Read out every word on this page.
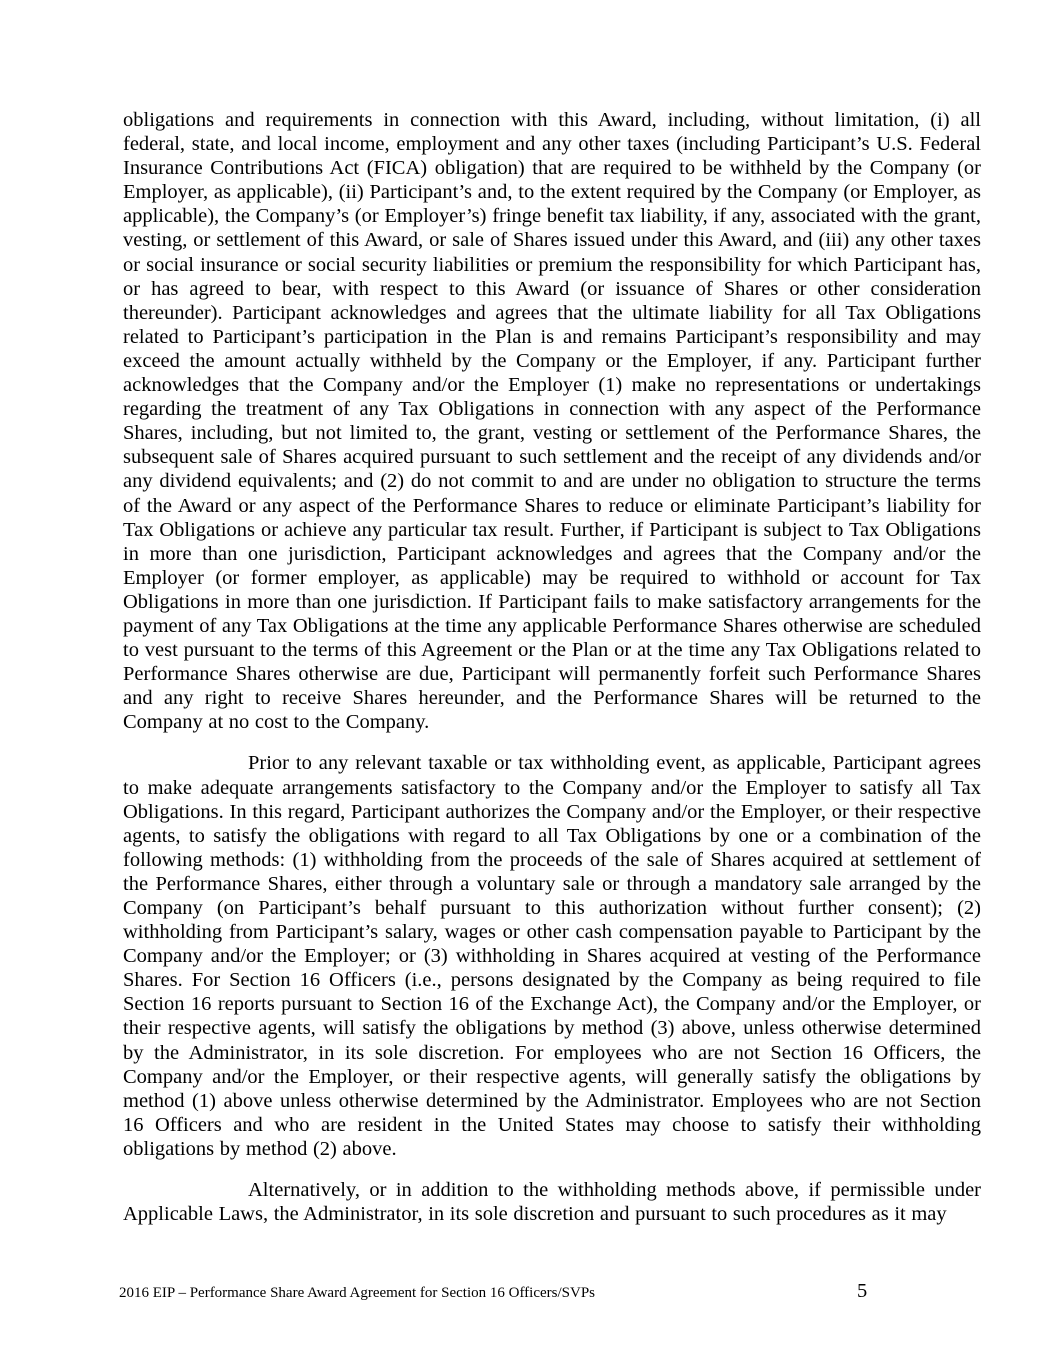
obligations and requirements in connection with this Award, including, without limitation, (i) all federal, state, and local income, employment and any other taxes (including Participant’s U.S. Federal Insurance Contributions Act (FICA) obligation) that are required to be withheld by the Company (or Employer, as applicable), (ii) Participant’s and, to the extent required by the Company (or Employer, as applicable), the Company’s (or Employer’s) fringe benefit tax liability, if any, associated with the grant, vesting, or settlement of this Award, or sale of Shares issued under this Award, and (iii) any other taxes or social insurance or social security liabilities or premium the responsibility for which Participant has, or has agreed to bear, with respect to this Award (or issuance of Shares or other consideration thereunder). Participant acknowledges and agrees that the ultimate liability for all Tax Obligations related to Participant’s participation in the Plan is and remains Participant’s responsibility and may exceed the amount actually withheld by the Company or the Employer, if any. Participant further acknowledges that the Company and/or the Employer (1) make no representations or undertakings regarding the treatment of any Tax Obligations in connection with any aspect of the Performance Shares, including, but not limited to, the grant, vesting or settlement of the Performance Shares, the subsequent sale of Shares acquired pursuant to such settlement and the receipt of any dividends and/or any dividend equivalents; and (2) do not commit to and are under no obligation to structure the terms of the Award or any aspect of the Performance Shares to reduce or eliminate Participant’s liability for Tax Obligations or achieve any particular tax result. Further, if Participant is subject to Tax Obligations in more than one jurisdiction, Participant acknowledges and agrees that the Company and/or the Employer (or former employer, as applicable) may be required to withhold or account for Tax Obligations in more than one jurisdiction. If Participant fails to make satisfactory arrangements for the payment of any Tax Obligations at the time any applicable Performance Shares otherwise are scheduled to vest pursuant to the terms of this Agreement or the Plan or at the time any Tax Obligations related to Performance Shares otherwise are due, Participant will permanently forfeit such Performance Shares and any right to receive Shares hereunder, and the Performance Shares will be returned to the Company at no cost to the Company.

Prior to any relevant taxable or tax withholding event, as applicable, Participant agrees to make adequate arrangements satisfactory to the Company and/or the Employer to satisfy all Tax Obligations. In this regard, Participant authorizes the Company and/or the Employer, or their respective agents, to satisfy the obligations with regard to all Tax Obligations by one or a combination of the following methods: (1) withholding from the proceeds of the sale of Shares acquired at settlement of the Performance Shares, either through a voluntary sale or through a mandatory sale arranged by the Company (on Participant’s behalf pursuant to this authorization without further consent); (2) withholding from Participant’s salary, wages or other cash compensation payable to Participant by the Company and/or the Employer; or (3) withholding in Shares acquired at vesting of the Performance Shares. For Section 16 Officers (i.e., persons designated by the Company as being required to file Section 16 reports pursuant to Section 16 of the Exchange Act), the Company and/or the Employer, or their respective agents, will satisfy the obligations by method (3) above, unless otherwise determined by the Administrator, in its sole discretion. For employees who are not Section 16 Officers, the Company and/or the Employer, or their respective agents, will generally satisfy the obligations by method (1) above unless otherwise determined by the Administrator. Employees who are not Section 16 Officers and who are resident in the United States may choose to satisfy their withholding obligations by method (2) above.

Alternatively, or in addition to the withholding methods above, if permissible under Applicable Laws, the Administrator, in its sole discretion and pursuant to such procedures as it may

2016 EIP – Performance Share Award Agreement for Section 16 Officers/SVPs	5
